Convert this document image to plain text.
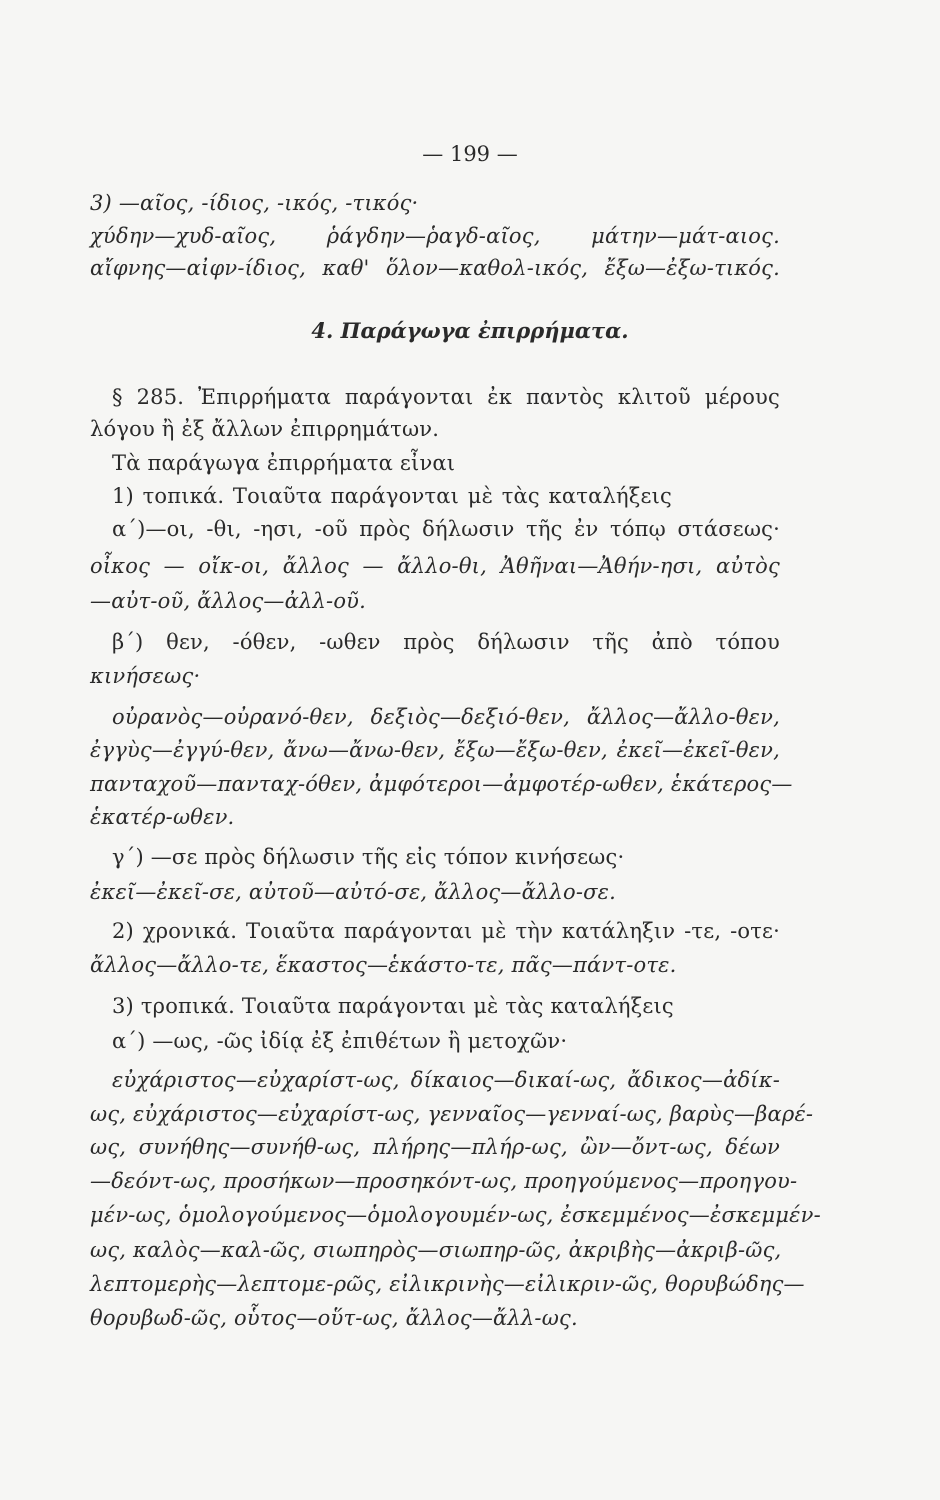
— 199 —
3) —αῖος, -ίδιος, -ικός, -τικός·
χύδην—χυδ-αῖος, ῥάγδην—ῥαγδ-αῖος, μάτην—μάτ-αιος.
αἴφνης—αἰφν-ίδιος, καθ' ὅλον—καθολ-ικός, ἔξω—ἐξω-τικός.
4. Παράγωγα ἐπιρρήματα.
§ 285. Ἐπιρρήματα παράγονται ἐκ παντὸς κλιτοῦ μέρους
λόγου ἢ ἐξ ἄλλων ἐπιρρημάτων.
Τὰ παράγωγα ἐπιρρήματα εἶναι
1) τοπικά. Τοιαῦτα παράγονται μὲ τὰς καταλήξεις
α΄)—οι, -θι, -ησι, -οῦ πρὸς δήλωσιν τῆς ἐν τόπῳ στάσεως·
οἶκος — οἴκ-οι, ἄλλος — ἄλλο-θι, Ἀθῆναι—Ἀθήν-ησι, αὐτὸς
—αὐτ-οῦ, ἄλλος—ἀλλ-οῦ.
β΄) θεν, -όθεν, -ωθεν πρὸς δήλωσιν τῆς ἀπὸ τόπου
κινήσεως·
οὐρανὸς—οὐρανό-θεν, δεξιὸς—δεξιό-θεν, ἄλλος—ἄλλο-θεν,
ἐγγὺς—ἐγγύ-θεν, ἄνω—ἄνω-θεν, ἔξω—ἔξω-θεν, ἐκεῖ—ἐκεῖ-θεν,
πανταχοῦ—πανταχ-όθεν, ἀμφότεροι—ἀμφοτέρ-ωθεν, ἑκάτερος—
ἑκατέρ-ωθεν.
γ΄) —σε πρὸς δήλωσιν τῆς εἰς τόπον κινήσεως·
ἐκεῖ—ἐκεῖ-σε, αὐτοῦ—αὐτό-σε, ἄλλος—ἄλλο-σε.
2) χρονικά. Τοιαῦτα παράγονται μὲ τὴν κατάληξιν -τε, -οτε·
ἄλλος—ἄλλο-τε, ἕκαστος—ἑκάστο-τε, πᾶς—πάντ-οτε.
3) τροπικά. Τοιαῦτα παράγονται μὲ τὰς καταλήξεις
α΄) —ως, -ῶς ἰδίᾳ ἐξ ἐπιθέτων ἢ μετοχῶν·
εὐχάριστος—εὐχαρίστ-ως, δίκαιος—δικαί-ως, ἄδικος—ἀδίκ-
ως, εὐχάριστος—εὐχαρίστ-ως, γενναῖος—γενναί-ως, βαρὺς—βαρέ-
ως, συνήθης—συνήθ-ως, πλήρης—πλήρ-ως, ὢν—ὄντ-ως, δέων
—δεόντ-ως, προσήκων—προσηκόντ-ως, προηγούμενος—προηγου-
μέν-ως, ὁμολογούμενος—ὁμολογουμέν-ως, ἐσκεμμένος—ἐσκεμμέν-
ως, καλὸς—καλ-ῶς, σιωπηρὸς—σιωπηρ-ῶς, ἀκριβὴς—ἀκριβ-ῶς,
λεπτομερὴς—λεπτομε-ρῶς, εἰλικρινὴς—εἰλικριν-ῶς, θορυβώδης—
θορυβωδ-ῶς, οὗτος—οὕτ-ως, ἄλλος—ἄλλ-ως.
